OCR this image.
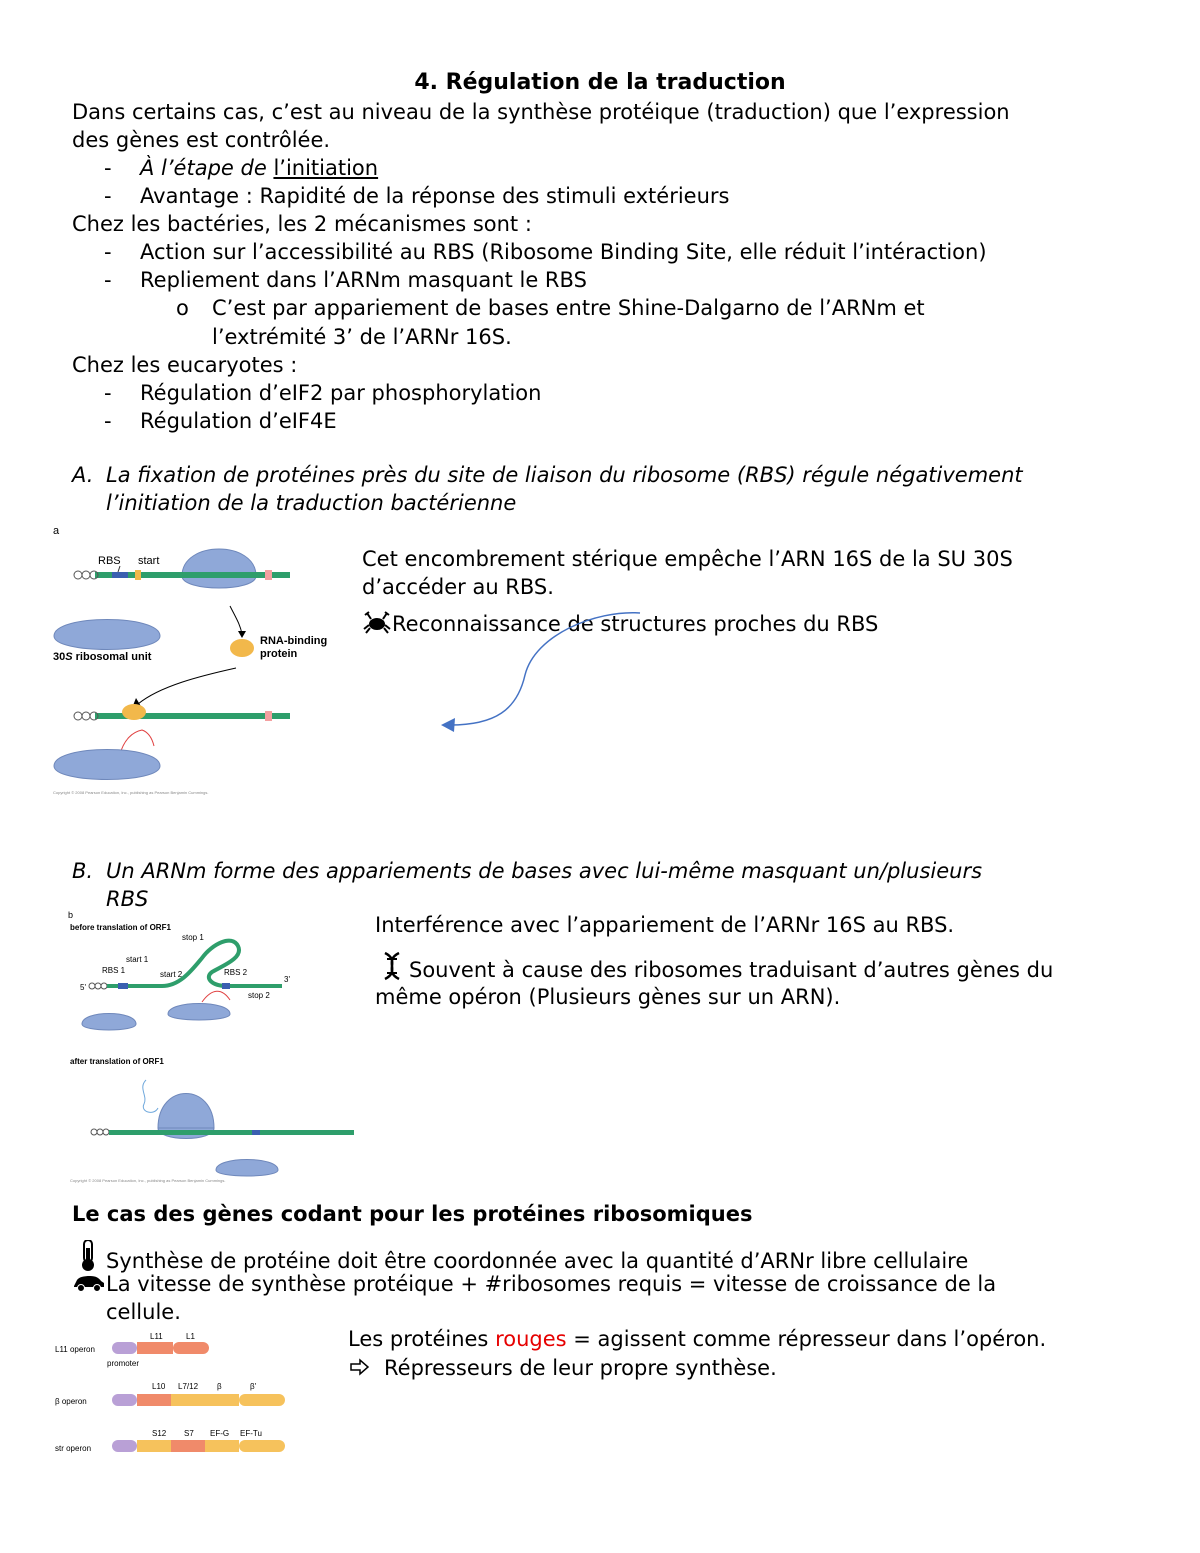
4. Régulation de la traduction
Dans certains cas, c’est au niveau de la synthèse protéique (traduction) que l’expression
des gènes est contrôlée.
- À l’étape de l’initiation
- Avantage : Rapidité de la réponse des stimuli extérieurs
Chez les bactéries, les 2 mécanismes sont :
- Action sur l’accessibilité au RBS (Ribosome Binding Site, elle réduit l’intéraction)
- Repliement dans l’ARNm masquant le RBS
o C’est par appariement de bases entre Shine-Dalgarno de l’ARNm et
l’extrémité 3’ de l’ARNr 16S.
Chez les eucaryotes :
- Régulation d’eIF2 par phosphorylation
- Régulation d’eIF4E
A. La fixation de protéines près du site de liaison du ribosome (RBS) régule négativement
l’initiation de la traduction bactérienne
a
RBS start
30S ribosomal unit
RNA-binding
protein
Copyright © 2008 Pearson Education, Inc., publishing as Pearson Benjamin Cummings.
Cet encombrement stérique empêche l’ARN 16S de la SU 30S
d’accéder au RBS.
Reconnaissance de structures proches du RBS
B. Un ARNm forme des appariements de bases avec lui-même masquant un/plusieurs
RBS
b
before translation of ORF1
stop 1
start 1
RBS 1	start 2	RBS 2
3'
stop 2
5'
after translation of ORF1
Copyright © 2008 Pearson Education, Inc., publishing as Pearson Benjamin Cummings.
Interférence avec l’appariement de l’ARNr 16S au RBS.
Souvent à cause des ribosomes traduisant d’autres gènes du
même opéron (Plusieurs gènes sur un ARN).
Le cas des gènes codant pour les protéines ribosomiques
Synthèse de protéine doit être coordonnée avec la quantité d’ARNr libre cellulaire
La vitesse de synthèse protéique + #ribosomes requis = vitesse de croissance de la
cellule.
L11	L1
L11 operon
promoter
L10 L7/12 β	β'
β operon
S12 S7 EF-G EF-Tu
str operon
Les protéines rouges = agissent comme répresseur dans l’opéron.
Répresseurs de leur propre synthèse.
